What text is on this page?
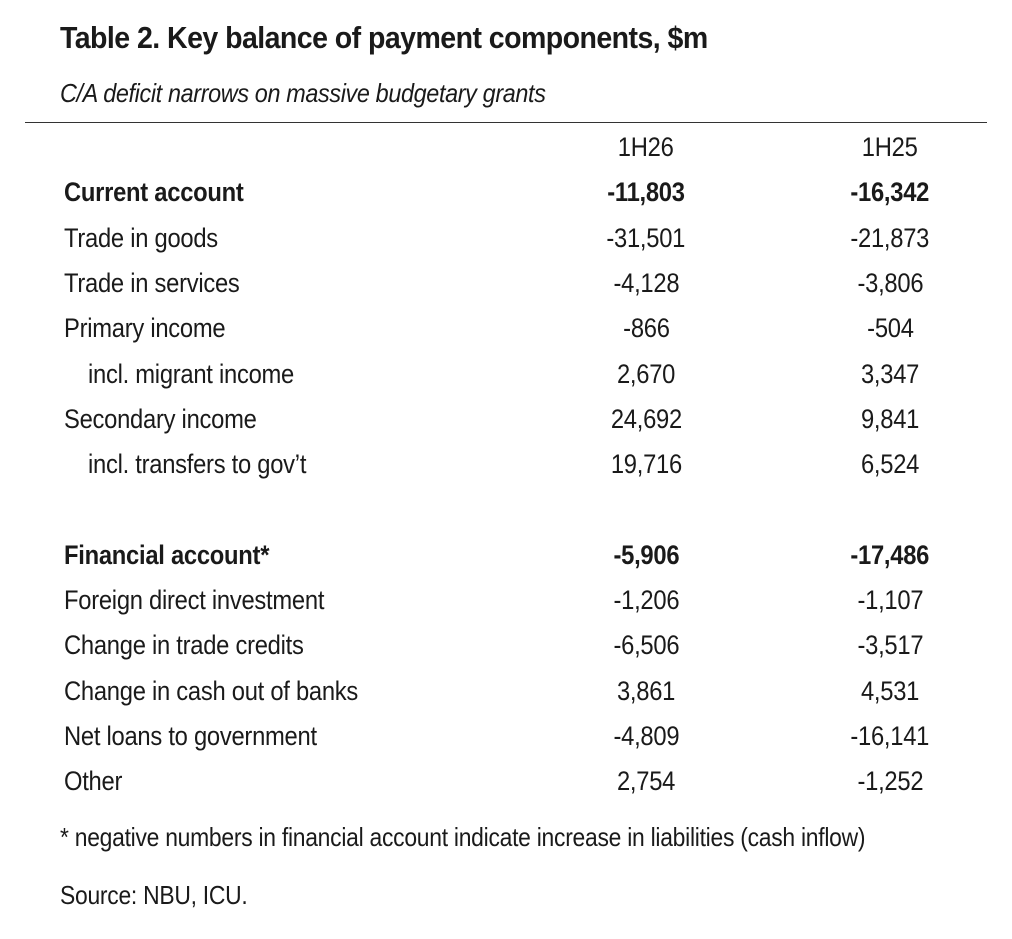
Table 2. Key balance of payment components, $m
C/A deficit narrows on massive budgetary grants
	1H26	1H25
Current account	-11,803	-16,342
Trade in goods	-31,501	-21,873
Trade in services	-4,128	-3,806
Primary income	-866	-504
incl. migrant income	2,670	3,347
Secondary income	24,692	9,841
incl. transfers to gov’t	19,716	6,524

Financial account*	-5,906	-17,486
Foreign direct investment	-1,206	-1,107
Change in trade credits	-6,506	-3,517
Change in cash out of banks	3,861	4,531
Net loans to government	-4,809	-16,141
Other	2,754	-1,252
* negative numbers in financial account indicate increase in liabilities (cash inflow)
Source: NBU, ICU.
